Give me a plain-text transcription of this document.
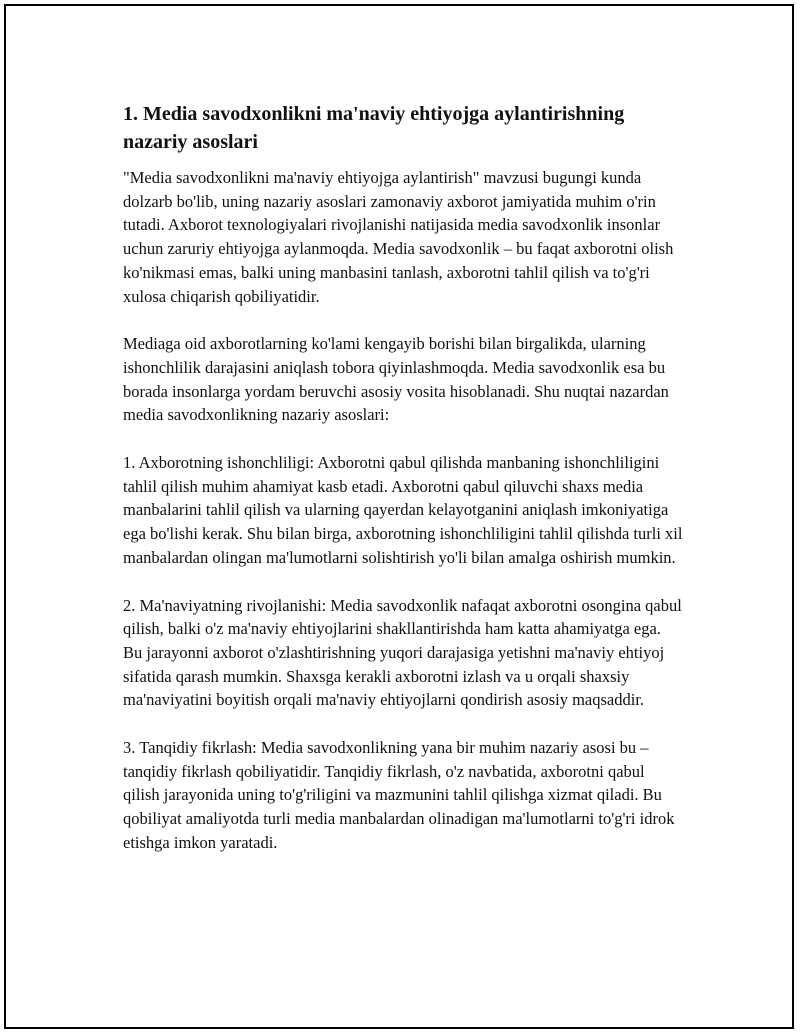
1. Media savodxonlikni ma'naviy ehtiyojga aylantirishning nazariy asoslari

"Media savodxonlikni ma'naviy ehtiyojga aylantirish" mavzusi bugungi kunda dolzarb bo'lib, uning nazariy asoslari zamonaviy axborot jamiyatida muhim o'rin tutadi. Axborot texnologiyalari rivojlanishi natijasida media savodxonlik insonlar uchun zaruriy ehtiyojga aylanmoqda. Media savodxonlik – bu faqat axborotni olish ko'nikmasi emas, balki uning manbasini tanlash, axborotni tahlil qilish va to'g'ri xulosa chiqarish qobiliyatidir.

Mediaga oid axborotlarning ko'lami kengayib borishi bilan birgalikda, ularning ishonchlilik darajasini aniqlash tobora qiyinlashmoqda. Media savodxonlik esa bu borada insonlarga yordam beruvchi asosiy vosita hisoblanadi. Shu nuqtai nazardan media savodxonlikning nazariy asoslari:

1. Axborotning ishonchliligi: Axborotni qabul qilishda manbaning ishonchliligini tahlil qilish muhim ahamiyat kasb etadi. Axborotni qabul qiluvchi shaxs media manbalarini tahlil qilish va ularning qayerdan kelayotganini aniqlash imkoniyatiga ega bo'lishi kerak. Shu bilan birga, axborotning ishonchliligini tahlil qilishda turli xil manbalardan olingan ma'lumotlarni solishtirish yo'li bilan amalga oshirish mumkin.

2. Ma'naviyatning rivojlanishi: Media savodxonlik nafaqat axborotni osongina qabul qilish, balki o'z ma'naviy ehtiyojlarini shakllantirishda ham katta ahamiyatga ega. Bu jarayonni axborot o'zlashtirishning yuqori darajasiga yetishni ma'naviy ehtiyoj sifatida qarash mumkin. Shaxsga kerakli axborotni izlash va u orqali shaxsiy ma'naviyatini boyitish orqali ma'naviy ehtiyojlarni qondirish asosiy maqsaddir.

3. Tanqidiy fikrlash: Media savodxonlikning yana bir muhim nazariy asosi bu – tanqidiy fikrlash qobiliyatidir. Tanqidiy fikrlash, o'z navbatida, axborotni qabul qilish jarayonida uning to'g'riligini va mazmunini tahlil qilishga xizmat qiladi. Bu qobiliyat amaliyotda turli media manbalardan olinadigan ma'lumotlarni to'g'ri idrok etishga imkon yaratadi.
